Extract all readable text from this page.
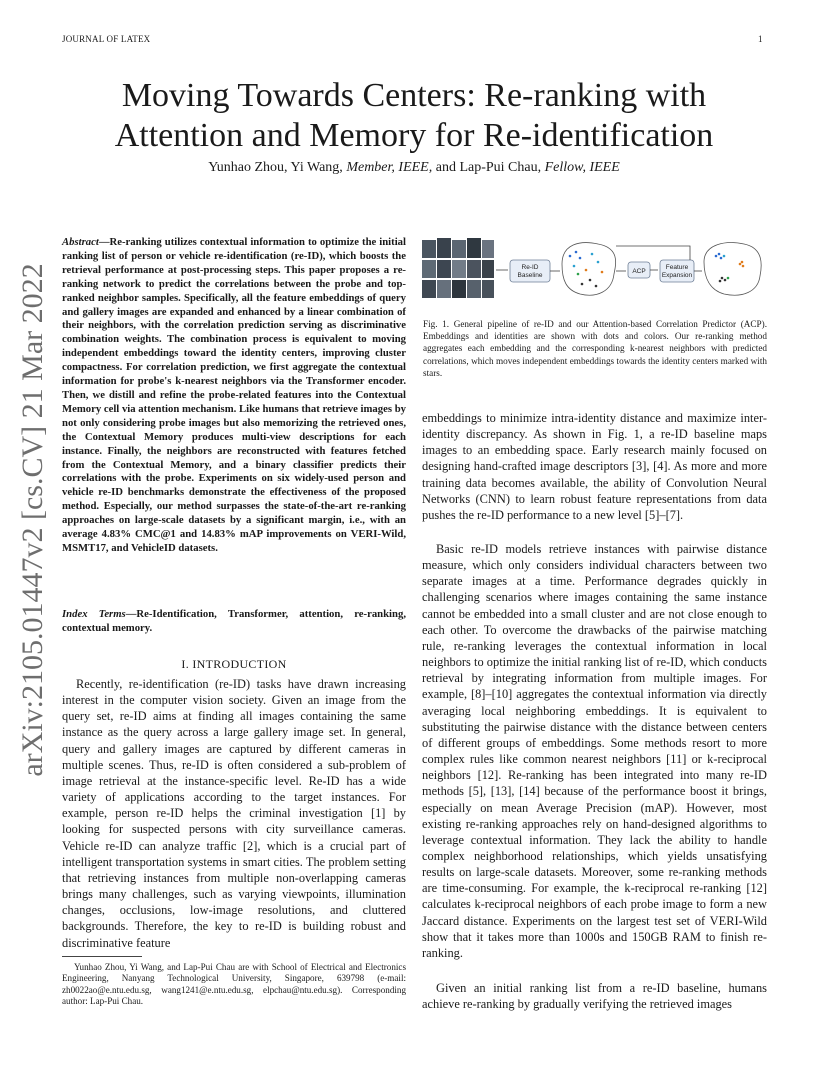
JOURNAL OF LATEX	1
arXiv:2105.01447v2 [cs.CV] 21 Mar 2022
Moving Towards Centers: Re-ranking with Attention and Memory for Re-identification
Yunhao Zhou, Yi Wang, Member, IEEE, and Lap-Pui Chau, Fellow, IEEE
Abstract—Re-ranking utilizes contextual information to optimize the initial ranking list of person or vehicle re-identification (re-ID), which boosts the retrieval performance at post-processing steps. This paper proposes a re-ranking network to predict the correlations between the probe and top-ranked neighbor samples. Specifically, all the feature embeddings of query and gallery images are expanded and enhanced by a linear combination of their neighbors, with the correlation prediction serving as discriminative combination weights. The combination process is equivalent to moving independent embeddings toward the identity centers, improving cluster compactness. For correlation prediction, we first aggregate the contextual information for probe's k-nearest neighbors via the Transformer encoder. Then, we distill and refine the probe-related features into the Contextual Memory cell via attention mechanism. Like humans that retrieve images by not only considering probe images but also memorizing the retrieved ones, the Contextual Memory produces multi-view descriptions for each instance. Finally, the neighbors are reconstructed with features fetched from the Contextual Memory, and a binary classifier predicts their correlations with the probe. Experiments on six widely-used person and vehicle re-ID benchmarks demonstrate the effectiveness of the proposed method. Especially, our method surpasses the state-of-the-art re-ranking approaches on large-scale datasets by a significant margin, i.e., with an average 4.83% CMC@1 and 14.83% mAP improvements on VERI-Wild, MSMT17, and VehicleID datasets.
Index Terms—Re-Identification, Transformer, attention, re-ranking, contextual memory.
I. INTRODUCTION
Recently, re-identification (re-ID) tasks have drawn increasing interest in the computer vision society. Given an image from the query set, re-ID aims at finding all images containing the same instance as the query across a large gallery image set. In general, query and gallery images are captured by different cameras in multiple scenes. Thus, re-ID is often considered a sub-problem of image retrieval at the instance-specific level. Re-ID has a wide variety of applications according to the target instances. For example, person re-ID helps the criminal investigation [1] by looking for suspected persons with city surveillance cameras. Vehicle re-ID can analyze traffic [2], which is a crucial part of intelligent transportation systems in smart cities. The problem setting that retrieving instances from multiple non-overlapping cameras brings many challenges, such as varying viewpoints, illumination changes, occlusions, low-image resolutions, and cluttered backgrounds. Therefore, the key to re-ID is building robust and discriminative feature
Yunhao Zhou, Yi Wang, and Lap-Pui Chau are with School of Electrical and Electronics Engineering, Nanyang Technological University, Singapore, 639798 (e-mail: zh0022ao@e.ntu.edu.sg, wang1241@e.ntu.edu.sg, elpchau@ntu.edu.sg). Corresponding author: Lap-Pui Chau.
Re-ID
Baseline
ACP
Feature
Expansion
Fig. 1. General pipeline of re-ID and our Attention-based Correlation Predictor (ACP). Embeddings and identities are shown with dots and colors. Our re-ranking method aggregates each embedding and the corresponding k-nearest neighbors with predicted correlations, which moves independent embeddings towards the identity centers marked with stars.
embeddings to minimize intra-identity distance and maximize inter-identity discrepancy. As shown in Fig. 1, a re-ID baseline maps images to an embedding space. Early research mainly focused on designing hand-crafted image descriptors [3], [4]. As more and more training data becomes available, the ability of Convolution Neural Networks (CNN) to learn robust feature representations from data pushes the re-ID performance to a new level [5]–[7].
Basic re-ID models retrieve instances with pairwise distance measure, which only considers individual characters between two separate images at a time. Performance degrades quickly in challenging scenarios where images containing the same instance cannot be embedded into a small cluster and are not close enough to each other. To overcome the drawbacks of the pairwise matching rule, re-ranking leverages the contextual information in local neighbors to optimize the initial ranking list of re-ID, which conducts retrieval by integrating information from multiple images. For example, [8]–[10] aggregates the contextual information via directly averaging local neighboring embeddings. It is equivalent to substituting the pairwise distance with the distance between centers of different groups of embeddings. Some methods resort to more complex rules like common nearest neighbors [11] or k-reciprocal neighbors [12]. Re-ranking has been integrated into many re-ID methods [5], [13], [14] because of the performance boost it brings, especially on mean Average Precision (mAP). However, most existing re-ranking approaches rely on hand-designed algorithms to leverage contextual information. They lack the ability to handle complex neighborhood relationships, which yields unsatisfying results on large-scale datasets. Moreover, some re-ranking methods are time-consuming. For example, the k-reciprocal re-ranking [12] calculates k-reciprocal neighbors of each probe image to form a new Jaccard distance. Experiments on the largest test set of VERI-Wild show that it takes more than 1000s and 150GB RAM to finish re-ranking.
Given an initial ranking list from a re-ID baseline, humans achieve re-ranking by gradually verifying the retrieved images
